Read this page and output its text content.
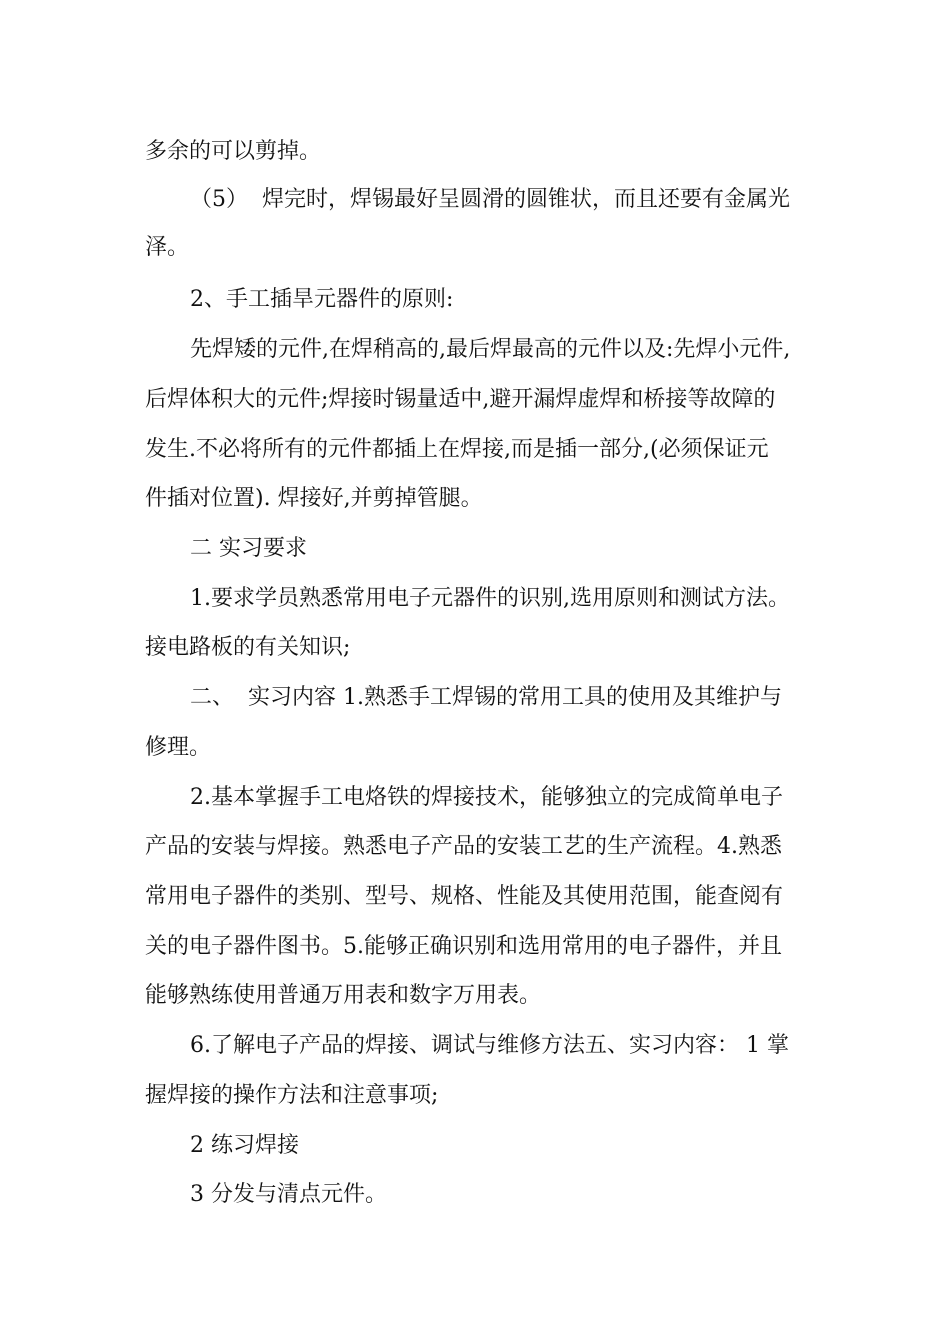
多余的可以剪掉。
（5）  焊完时，焊锡最好呈圆滑的圆锥状，而且还要有金属光
泽。
2、手工插旱元器件的原则:
先焊矮的元件,在焊稍高的,最后焊最高的元件以及:先焊小元件,
后焊体积大的元件;焊接时锡量适中,避开漏焊虚焊和桥接等故障的
发生.不必将所有的元件都插上在焊接,而是插一部分,(必须保证元
件插对位置). 焊接好,并剪掉管腿。
二 实习要求
1.要求学员熟悉常用电子元器件的识别,选用原则和测试方法。
接电路板的有关知识;
二、  实习内容 1.熟悉手工焊锡的常用工具的使用及其维护与
修理。
2.基本掌握手工电烙铁的焊接技术，能够独立的完成简单电子
产品的安装与焊接。熟悉电子产品的安装工艺的生产流程。4.熟悉
常用电子器件的类别、型号、规格、性能及其使用范围，能查阅有
关的电子器件图书。5.能够正确识别和选用常用的电子器件，并且
能够熟练使用普通万用表和数字万用表。
6.了解电子产品的焊接、调试与维修方法五、实习内容： 1 掌
握焊接的操作方法和注意事项;
2 练习焊接
3 分发与清点元件。
